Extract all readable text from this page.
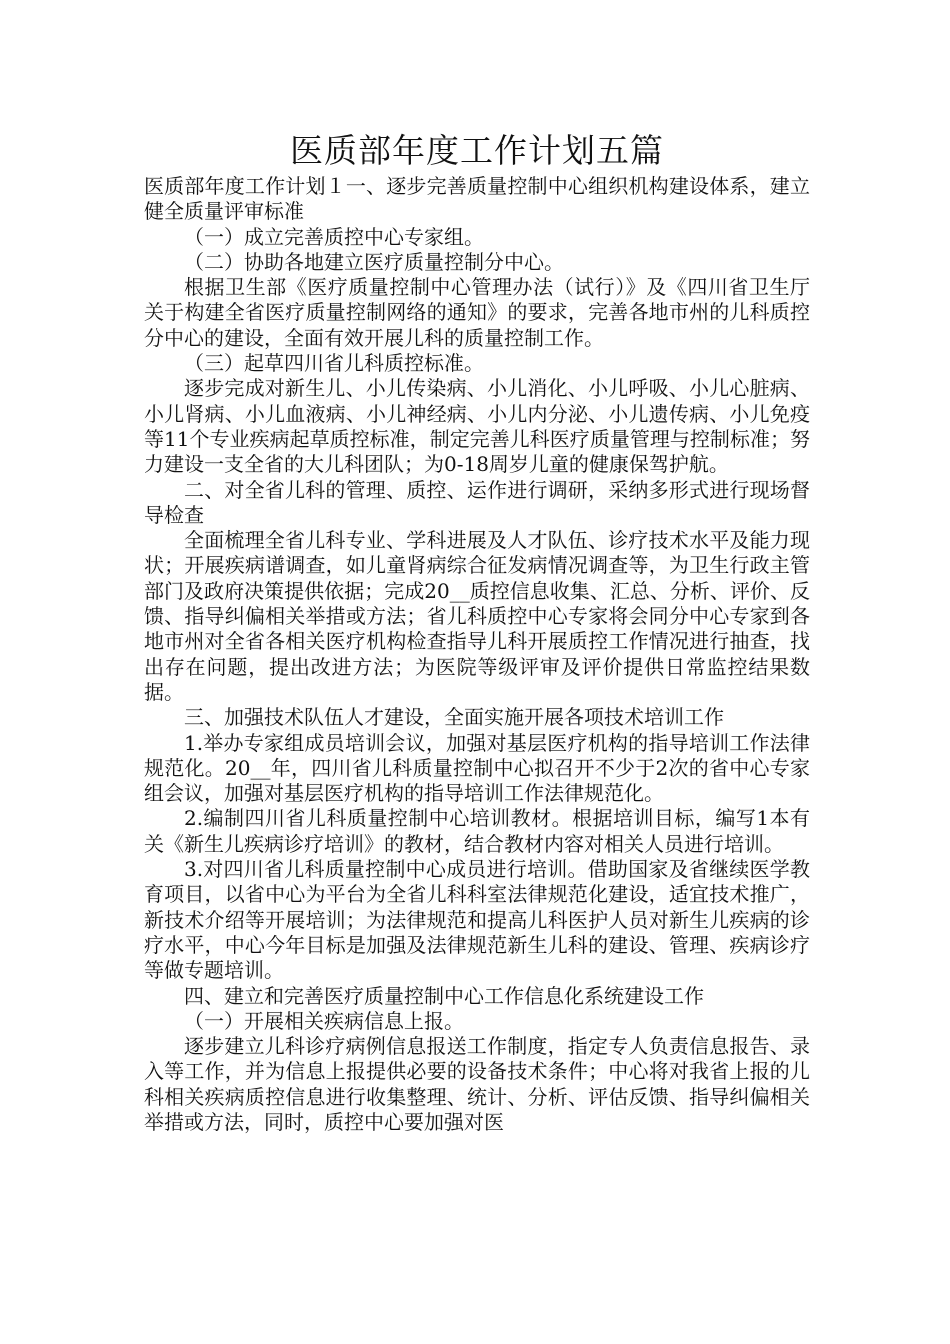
医质部年度工作计划五篇

医质部年度工作计划１一、逐步完善质量控制中心组织机构建设体系，建立健全质量评审标准

（一）成立完善质控中心专家组。

（二）协助各地建立医疗质量控制分中心。

根据卫生部《医疗质量控制中心管理办法（试行）》及《四川省卫生厅关于构建全省医疗质量控制网络的通知》的要求，完善各地市州的儿科质控分中心的建设，全面有效开展儿科的质量控制工作。

（三）起草四川省儿科质控标准。

逐步完成对新生儿、小儿传染病、小儿消化、小儿呼吸、小儿心脏病、小儿肾病、小儿血液病、小儿神经病、小儿内分泌、小儿遗传病、小儿免疫等11个专业疾病起草质控标准，制定完善儿科医疗质量管理与控制标准；努力建设一支全省的大儿科团队；为0-18周岁儿童的健康保驾护航。

二、对全省儿科的管理、质控、运作进行调研，采纳多形式进行现场督导检查

全面梳理全省儿科专业、学科进展及人才队伍、诊疗技术水平及能力现状；开展疾病谱调查，如儿童肾病综合征发病情况调查等，为卫生行政主管部门及政府决策提供依据；完成20__质控信息收集、汇总、分析、评价、反馈、指导纠偏相关举措或方法；省儿科质控中心专家将会同分中心专家到各地市州对全省各相关医疗机构检查指导儿科开展质控工作情况进行抽查，找出存在问题，提出改进方法；为医院等级评审及评价提供日常监控结果数据。

三、加强技术队伍人才建设，全面实施开展各项技术培训工作

1.举办专家组成员培训会议，加强对基层医疗机构的指导培训工作法律规范化。20__年，四川省儿科质量控制中心拟召开不少于2次的省中心专家组会议，加强对基层医疗机构的指导培训工作法律规范化。

2.编制四川省儿科质量控制中心培训教材。根据培训目标，编写1本有关《新生儿疾病诊疗培训》的教材，结合教材内容对相关人员进行培训。

3.对四川省儿科质量控制中心成员进行培训。借助国家及省继续医学教育项目，以省中心为平台为全省儿科科室法律规范化建设，适宜技术推广，新技术介绍等开展培训；为法律规范和提高儿科医护人员对新生儿疾病的诊疗水平，中心今年目标是加强及法律规范新生儿科的建设、管理、疾病诊疗等做专题培训。

四、建立和完善医疗质量控制中心工作信息化系统建设工作

（一）开展相关疾病信息上报。

逐步建立儿科诊疗病例信息报送工作制度，指定专人负责信息报告、录入等工作，并为信息上报提供必要的设备技术条件；中心将对我省上报的儿科相关疾病质控信息进行收集整理、统计、分析、评估反馈、指导纠偏相关举措或方法，同时，质控中心要加强对医
